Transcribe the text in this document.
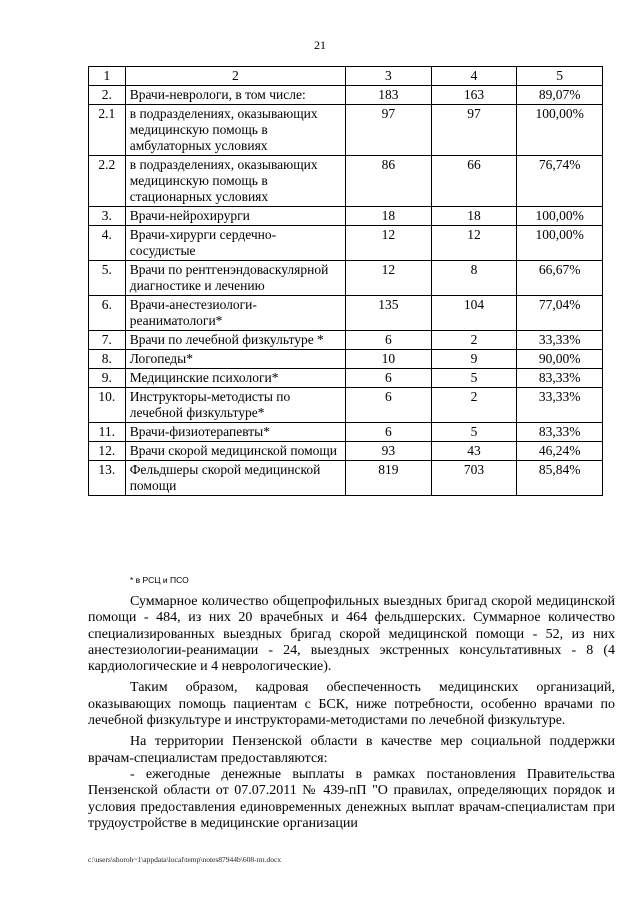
21
1	2	3	4	5
2.	Врачи-неврологи, в том числе:	183	163	89,07%
2.1	в подразделениях, оказывающих медицинскую помощь в амбулаторных условиях	97	97	100,00%
2.2	в подразделениях, оказывающих медицинскую помощь в стационарных условиях	86	66	76,74%
3.	Врачи-нейрохирурги	18	18	100,00%
4.	Врачи-хирурги сердечно-сосудистые	12	12	100,00%
5.	Врачи по рентгенэндоваскулярной диагностике и лечению	12	8	66,67%
6.	Врачи-анестезиологи-реаниматологи*	135	104	77,04%
7.	Врачи по лечебной физкультуре *	6	2	33,33%
8.	Логопеды*	10	9	90,00%
9.	Медицинские психологи*	6	5	83,33%
10.	Инструкторы-методисты по лечебной физкультуре*	6	2	33,33%
11.	Врачи-физиотерапевты*	6	5	83,33%
12.	Врачи скорой медицинской помощи	93	43	46,24%
13.	Фельдшеры скорой медицинской помощи	819	703	85,84%
* в РСЦ и ПСО

Суммарное количество общепрофильных выездных бригад скорой медицинской помощи - 484, из них 20 врачебных и 464 фельдшерских. Суммарное количество специализированных выездных бригад скорой медицинской помощи - 52, из них анестезиологии-реанимации - 24, выездных экстренных консультативных - 8 (4 кардиологические и 4 неврологические).

Таким образом, кадровая обеспеченность медицинских организаций, оказывающих помощь пациентам с БСК, ниже потребности, особенно врачами по лечебной физкультуре и инструкторами-методистами по лечебной физкультуре.

На территории Пензенской области в качестве мер социальной поддержки врачам-специалистам предоставляются:

- ежегодные денежные выплаты в рамках постановления Правительства Пензенской области от 07.07.2011 № 439-пП "О правилах, определяющих порядок и условия предоставления единовременных денежных выплат врачам-специалистам при трудоустройстве в медицинские организации

c:\users\shoroh~1\appdata\local\temp\notes87944b\608-пп.docx
